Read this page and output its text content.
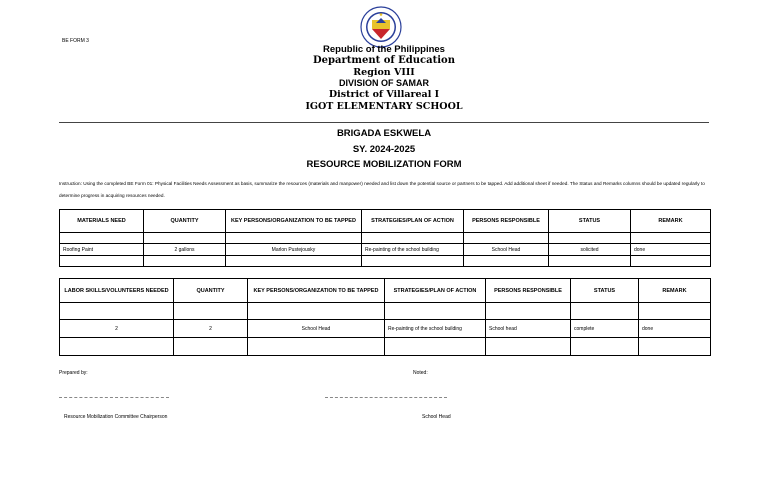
BE FORM 3
Republic of the Philippines
Department of Education
Region VIII
DIVISION OF SAMAR
District of Villareal I
IGOT ELEMENTARY SCHOOL
BRIGADA ESKWELA
SY. 2024-2025
RESOURCE MOBILIZATION FORM
Instruction: Using the completed BE Form 01: Physical Facilities Needs Assessment as basis, summarize the resources (materials and manpower) needed and list down the potential source or partners to be tapped. Add additional sheet if needed. The Status and Remarks columns should be updated regularly to determine progress in acquiring resources needed.
MATERIALS NEED	QUANTITY	KEY PERSONS/ORGANIZATION TO BE TAPPED	STRATEGIES/PLAN OF ACTION	PERSONS RESPONSIBLE	STATUS	REMARK

Roofing Paint	2 gallons	Marlon Pustejousky	Re-painting of the school building	School Head	solicited	done

LABOR SKILLS/VOLUNTEERS NEEDED	QUANTITY	KEY PERSONS/ORGANIZATION TO BE TAPPED	STRATEGIES/PLAN OF ACTION	PERSONS RESPONSIBLE	STATUS	REMARK

2	2	School Head	Re-painting of the school building	School head	complete	done

Prepared by:	Noted:
Resource Mobilization Committee Chairperson	School Head
